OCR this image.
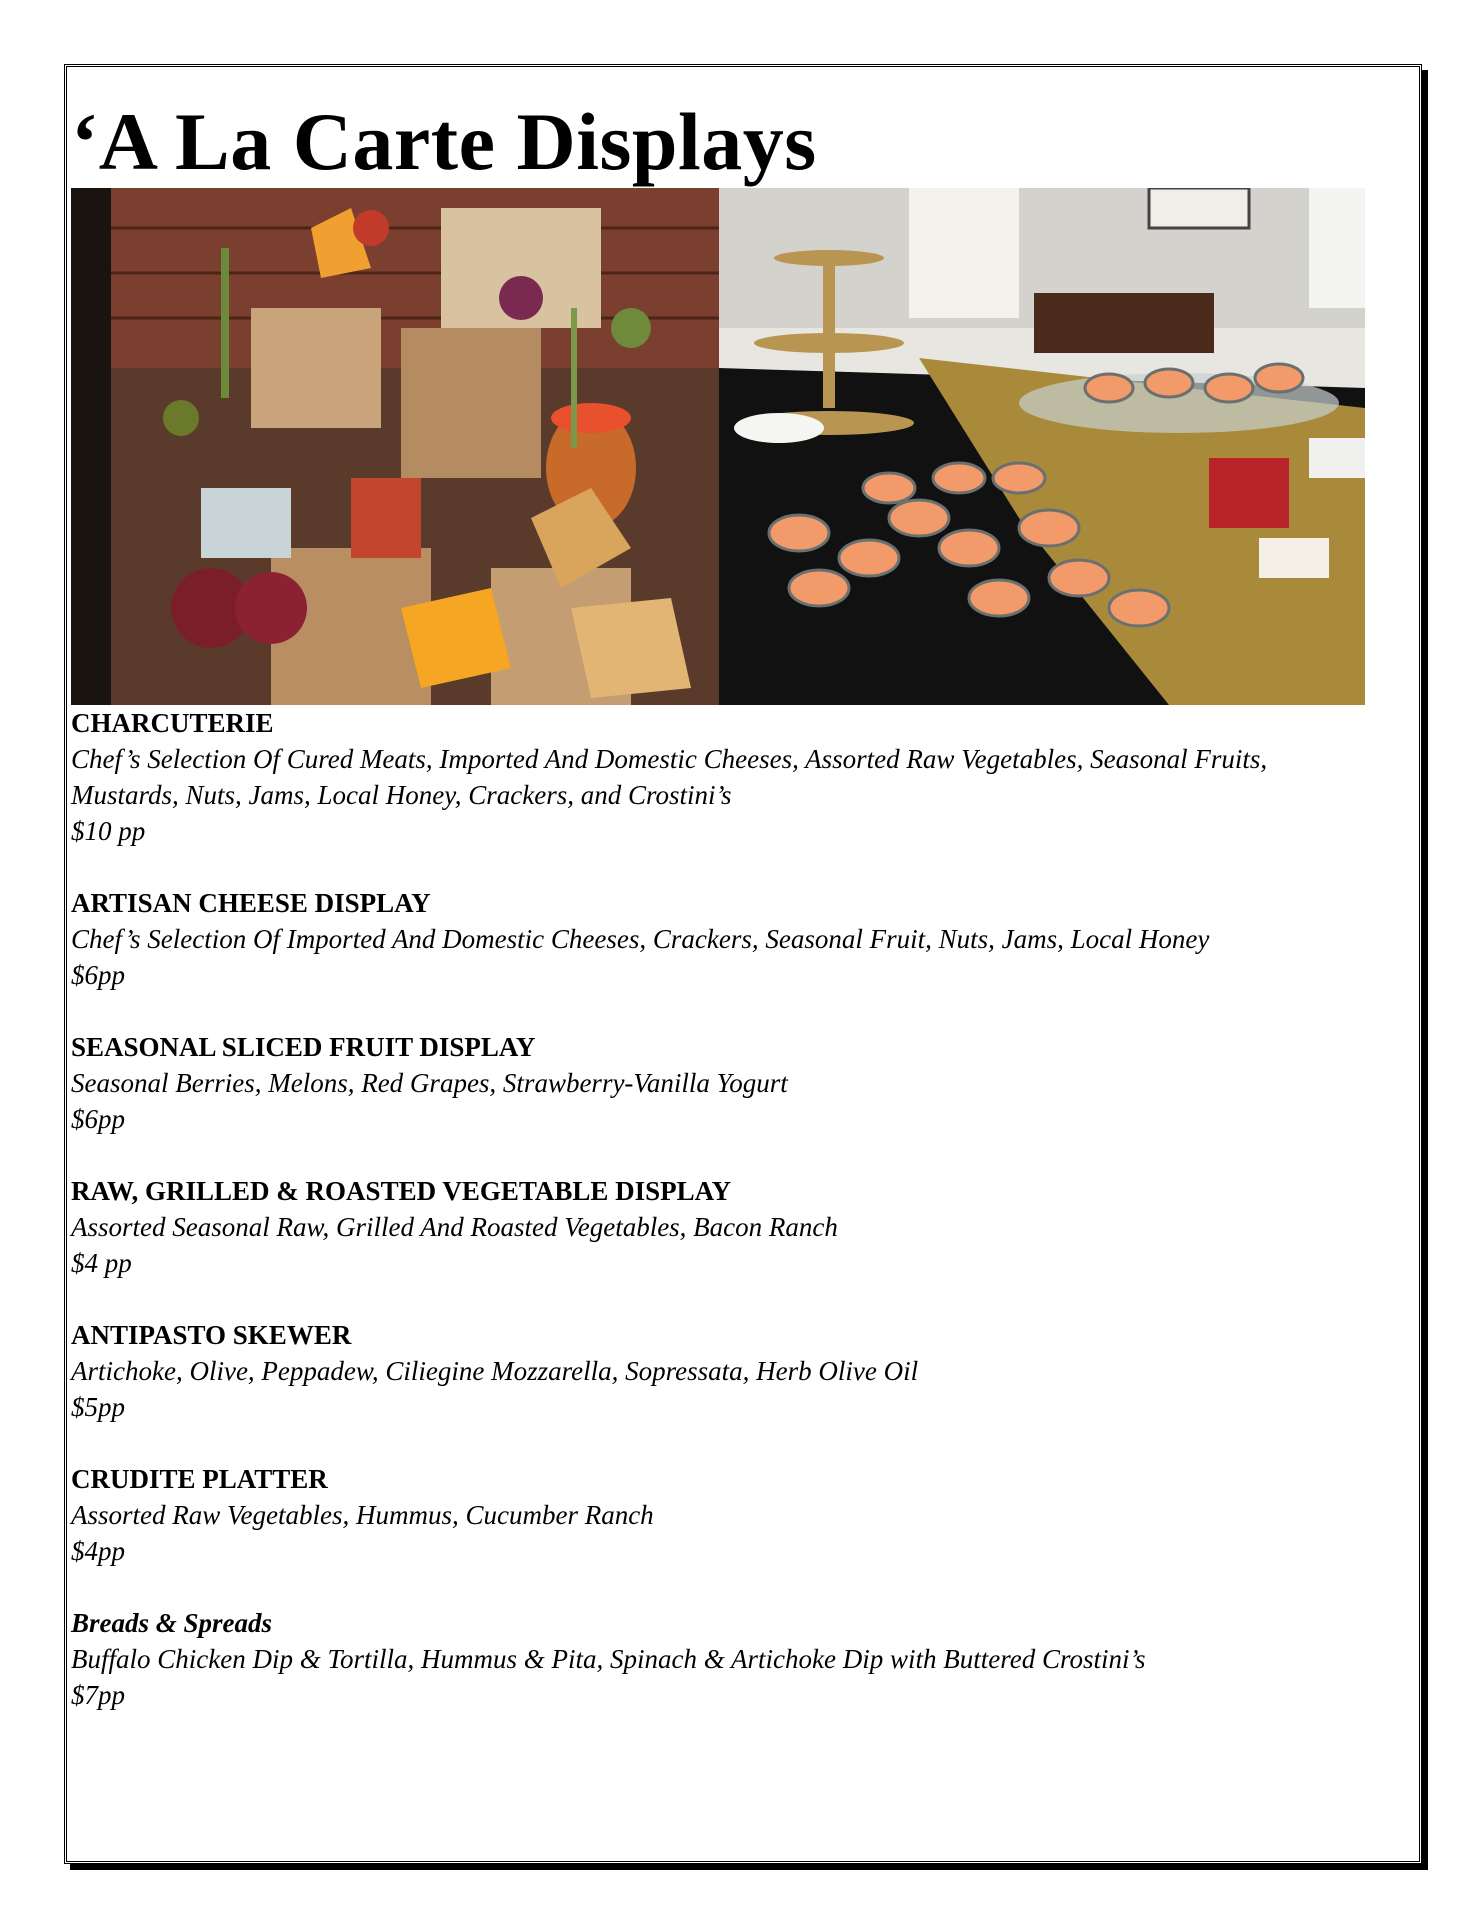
‘A La Carte Displays
CHARCUTERIE
Chef’s Selection Of Cured Meats, Imported And Domestic Cheeses, Assorted Raw Vegetables, Seasonal Fruits, Mustards, Nuts, Jams, Local Honey, Crackers, and Crostini’s
$10 pp
ARTISAN CHEESE DISPLAY
Chef’s Selection Of Imported And Domestic Cheeses, Crackers, Seasonal Fruit, Nuts, Jams, Local Honey
$6pp
SEASONAL SLICED FRUIT DISPLAY
Seasonal Berries, Melons, Red Grapes, Strawberry-Vanilla Yogurt
$6pp
RAW, GRILLED & ROASTED VEGETABLE DISPLAY
Assorted Seasonal Raw, Grilled And Roasted Vegetables, Bacon Ranch
$4 pp
ANTIPASTO SKEWER
Artichoke, Olive, Peppadew, Ciliegine Mozzarella, Sopressata, Herb Olive Oil
$5pp
CRUDITE PLATTER
Assorted Raw Vegetables, Hummus, Cucumber Ranch
$4pp
Breads & Spreads
Buffalo Chicken Dip & Tortilla, Hummus & Pita, Spinach & Artichoke Dip with Buttered Crostini’s
$7pp
